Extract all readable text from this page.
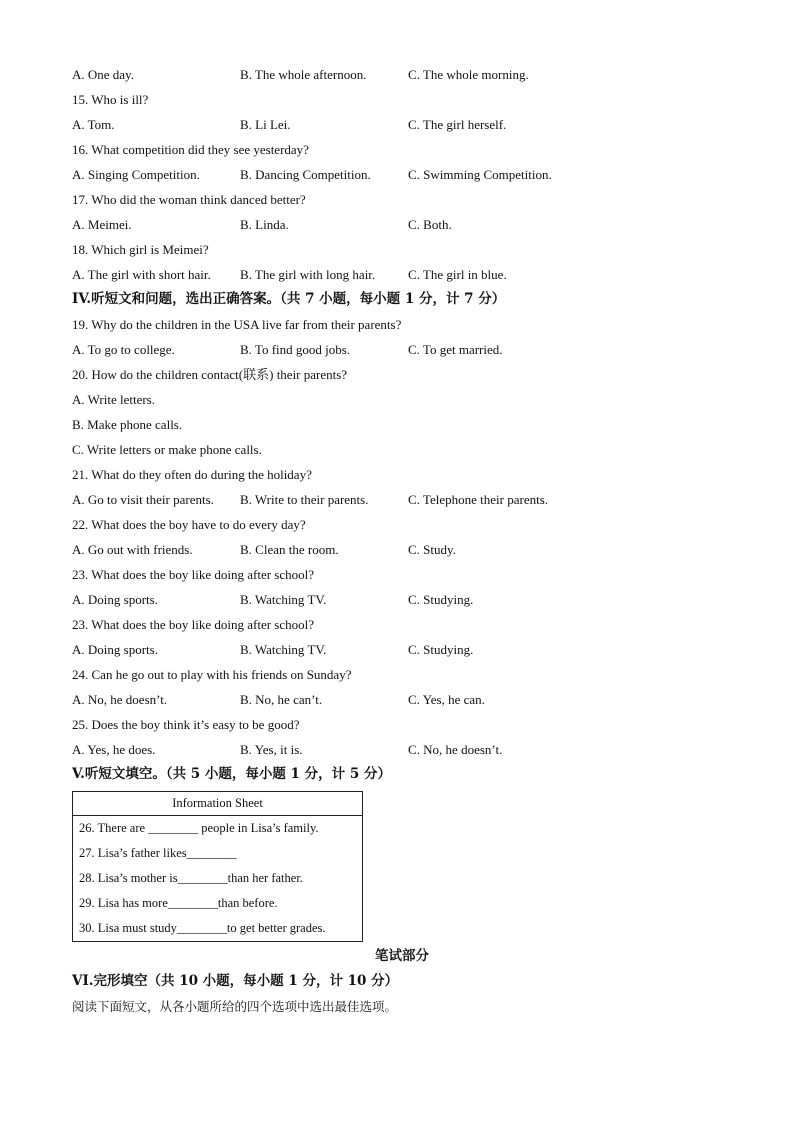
A. One day.	B. The whole afternoon.	C. The whole morning.
15. Who is ill?
A. Tom.	B. Li Lei.	C. The girl herself.
16. What competition did they see yesterday?
A. Singing Competition.	B. Dancing Competition.	C. Swimming Competition.
17. Who did the woman think danced better?
A. Meimei.	B. Linda.	C. Both.
18. Which girl is Meimei?
A. The girl with short hair. B. The girl with long hair.	C. The girl in blue.
IV.听短文和问题，选出正确答案。（共 7 小题，每小题 1 分，计 7 分）
19. Why do the children in the USA live far from their parents?
A. To go to college.	B. To find good jobs.	C. To get married.
20. How do the children contact(联系) their parents?
A. Write letters.
B. Make phone calls.
C. Write letters or make phone calls.
21. What do they often do during the holiday?
A. Go to visit their parents. B. Write to their parents.	C. Telephone their parents.
22. What does the boy have to do every day?
A. Go out with friends.	B. Clean the room.	C. Study.
23. What does the boy like doing after school?
A. Doing sports.	B. Watching TV.	C. Studying.
23. What does the boy like doing after school?
A. Doing sports.	B. Watching TV.	C. Studying.
24. Can he go out to play with his friends on Sunday?
A. No, he doesn’t.	B. No, he can’t.	C. Yes, he can.
25. Does the boy think it’s easy to be good?
A. Yes, he does.	B. Yes, it is.	C. No, he doesn’t.
V.听短文填空。（共 5 小题，每小题 1 分，计 5 分）
Information Sheet
26. There are ________ people in Lisa’s family.
27. Lisa’s father likes________
28. Lisa’s mother is________than her father.
29. Lisa has more________than before.
30. Lisa must study________to get better grades.
笔试部分
VI.完形填空（共 10 小题，每小题 1 分，计 10 分）
阅读下面短文，从各小题所给的四个选项中选出最佳选项。
